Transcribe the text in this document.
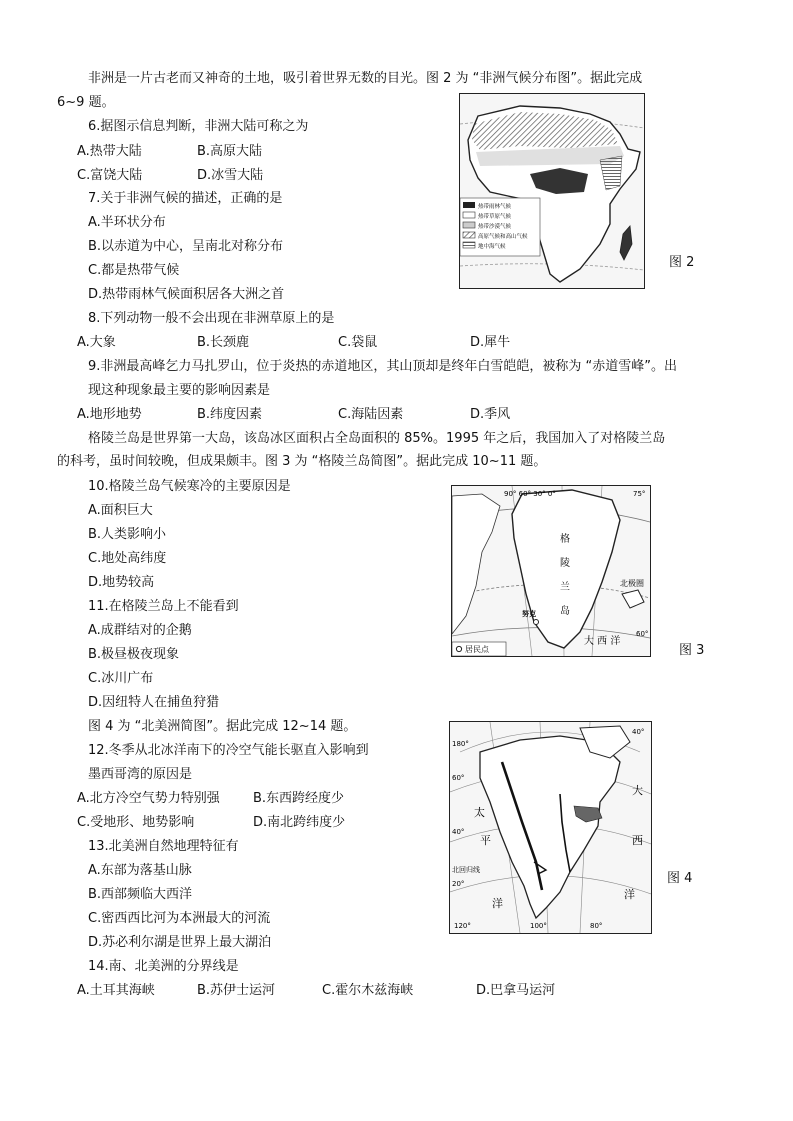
非洲是一片古老而又神奇的土地，吸引着世界无数的目光。图 2 为 “非洲气候分布图”。据此完成
6~9 题。
6.据图示信息判断，非洲大陆可称之为
A.热带大陆	B.高原大陆
C.富饶大陆	D.冰雪大陆
7.关于非洲气候的描述，正确的是
A.半环状分布
B.以赤道为中心，呈南北对称分布
C.都是热带气候
D.热带雨林气候面积居各大洲之首
8.下列动物一般不会出现在非洲草原上的是
A.大象	B.长颈鹿	C.袋鼠	D.犀牛
9.非洲最高峰乞力马扎罗山，位于炎热的赤道地区，其山顶却是终年白雪皑皑，被称为 “赤道雪峰”。出
现这种现象最主要的影响因素是
A.地形地势	B.纬度因素	C.海陆因素	D.季风
热带雨林气候
热带草原气候
热带沙漠气候
高原气候和高山气候
地中海气候
图 2
格陵兰岛是世界第一大岛，该岛冰区面积占全岛面积的 85%。1995 年之后，我国加入了对格陵兰岛
的科考，虽时间较晚，但成果颇丰。图 3 为 “格陵兰岛简图”。据此完成 10~11 题。
10.格陵兰岛气候寒冷的主要原因是
A.面积巨大
B.人类影响小
C.地处高纬度
D.地势较高
11.在格陵兰岛上不能看到
A.成群结对的企鹅
B.极昼极夜现象
C.冰川广布
D.因纽特人在捕鱼狩猎
90° 60° 30° 0°	75°
60°
北极圈
格
陵
兰
岛
大 西 洋
努克
居民点	图 3
图 4 为 “北美洲简图”。据此完成 12~14 题。
12.冬季从北冰洋南下的冷空气能长驱直入影响到
墨西哥湾的原因是
A.北方冷空气势力特别强	B.东西跨经度少
C.受地形、地势影响	D.南北跨纬度少
13.北美洲自然地理特征有
A.东部为落基山脉
B.西部频临大西洋
C.密西西比河为本洲最大的河流
D.苏必利尔湖是世界上最大湖泊
14.南、北美洲的分界线是
A.土耳其海峡	B.苏伊士运河	C.霍尔木兹海峡	D.巴拿马运河
太
平
洋
大
西
洋
北回归线
180°
120°	100°	80°
40°
60°
40°
20°	图 4
